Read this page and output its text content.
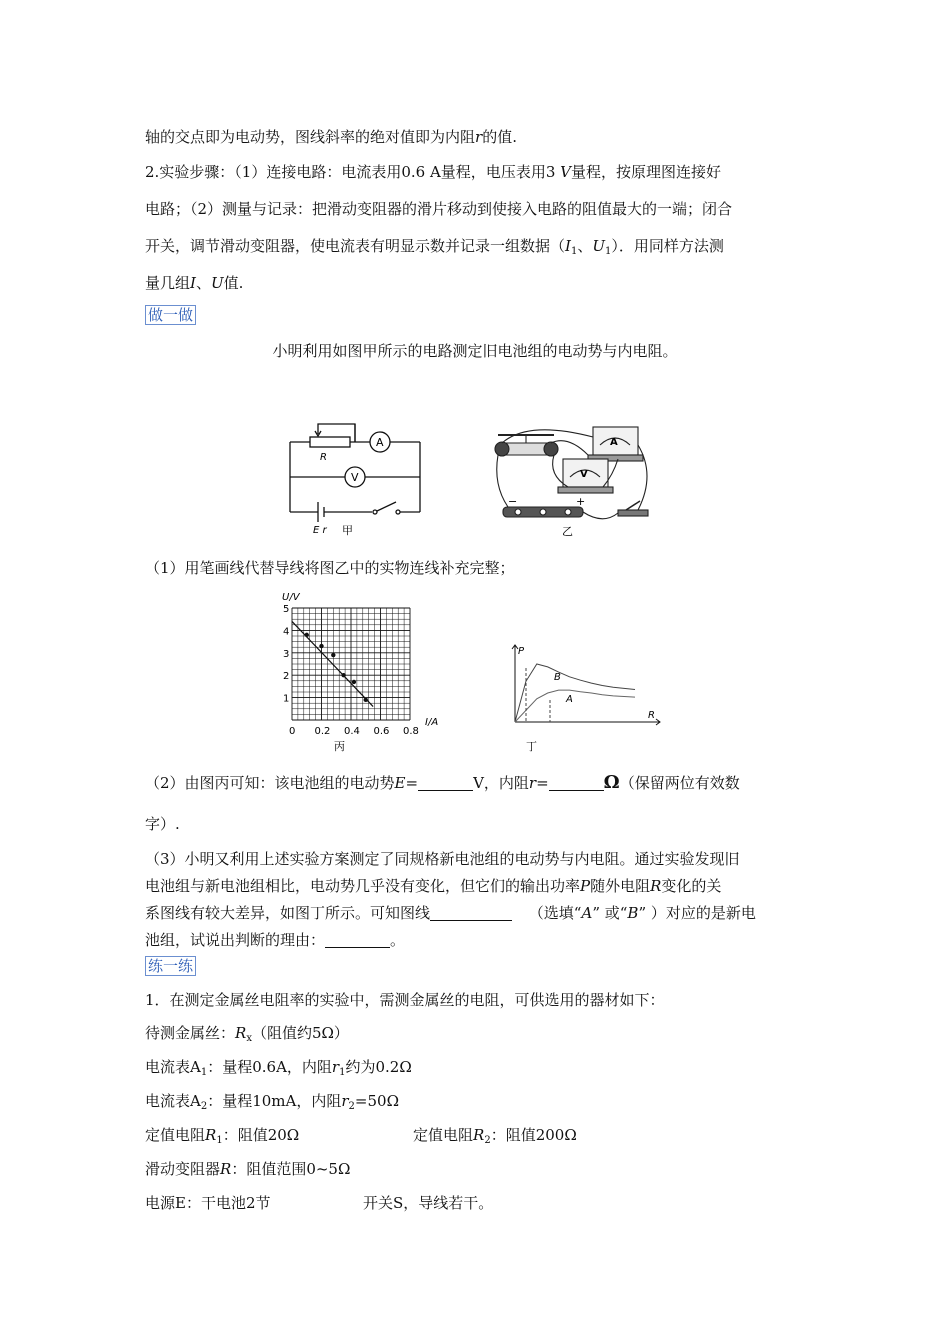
轴的交点即为电动势，图线斜率的绝对值即为内阻r的值.
2.实验步骤：（1）连接电路：电流表用0.6 A量程，电压表用3 V量程，按原理图连接好
电路；（2）测量与记录：把滑动变阻器的滑片移动到使接入电路的阻值最大的一端；闭合
开关，调节滑动变阻器，使电流表有明显示数并记录一组数据（$I_1$、$U_1$）．用同样方法测
量几组I、U值.
做一做
小明利用如图甲所示的电路测定旧电池组的电动势与内电阻。
R
A
V
E r 甲
A
V
−	+
乙
（1）用笔画线代替导线将图乙中的实物连线补充完整；
0 0.2 0.4 0.6 0.8
1
2
3
4
5
U/V
I/A
丙
P
R
B
A
丁
（2）由图丙可知：该电池组的电动势E=	V，内阻r=	Ω（保留两位有效数
字）.
（3）小明又利用上述实验方案测定了同规格新电池组的电动势与内电阻。通过实验发现旧
电池组与新电池组相比，电动势几乎没有变化，但它们的输出功率P随外电阻R变化的关
系图线有较大差异，如图丁所示。可知图线	（选填“A” 或“B” ）对应的是新电
池组，试说出判断的理由：	。
练一练
1．在测定金属丝电阻率的实验中，需测金属丝的电阻，可供选用的器材如下：
待测金属丝：$R_x$（阻值约5Ω）
电流表$A_1$：量程0.6A，内阻$r_1$约为0.2Ω
电流表$A_2$：量程10mA，内阻$r_2=50\Omega$
定值电阻$R_1$：阻值20Ω	定值电阻$R_2$：阻值200Ω
滑动变阻器R：阻值范围0~5Ω
电源E：干电池2节	开关S，导线若干。
